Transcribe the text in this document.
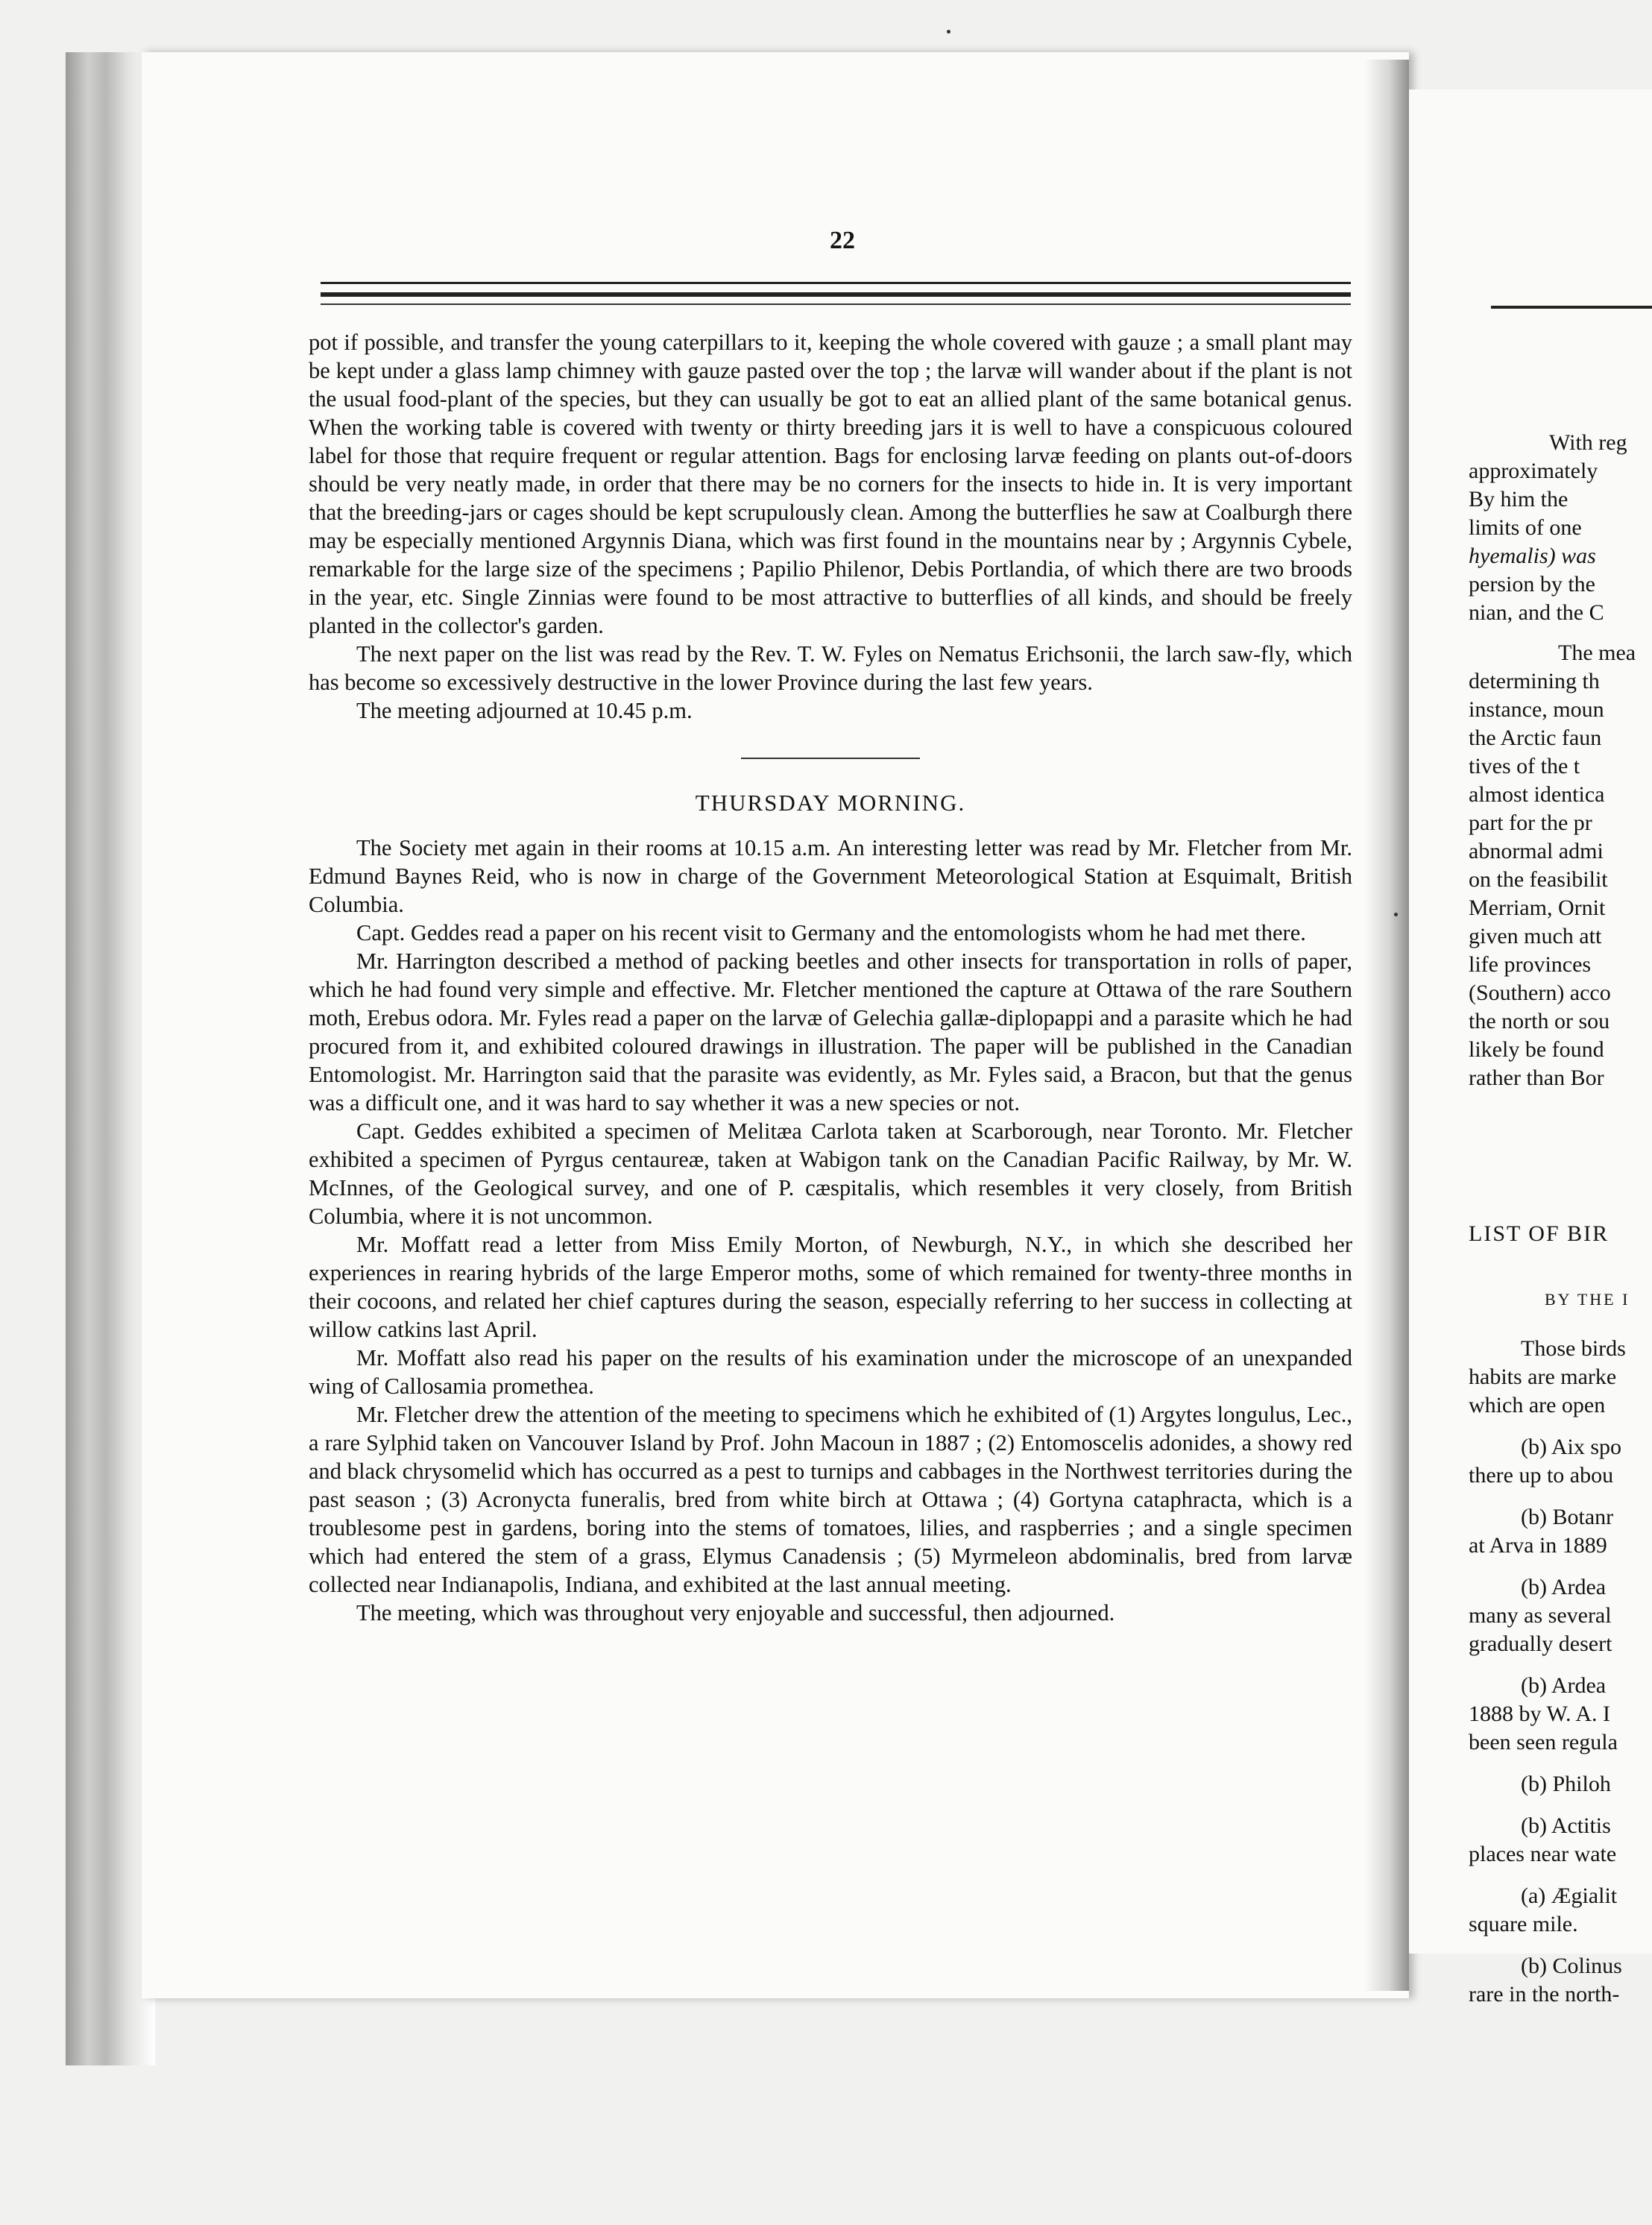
22

pot if possible, and transfer the young caterpillars to it, keeping the whole covered with gauze ; a small plant may be kept under a glass lamp chimney with gauze pasted over the top ; the larvæ will wander about if the plant is not the usual food-plant of the species, but they can usually be got to eat an allied plant of the same botanical genus. When the working table is covered with twenty or thirty breeding jars it is well to have a conspicuous coloured label for those that require frequent or regular attention. Bags for enclosing larvæ feeding on plants out-of-doors should be very neatly made, in order that there may be no corners for the insects to hide in. It is very important that the breeding-jars or cages should be kept scrupulously clean. Among the butterflies he saw at Coalburgh there may be especially mentioned Argynnis Diana, which was first found in the mountains near by ; Argynnis Cybele, remarkable for the large size of the specimens ; Papilio Philenor, Debis Portlandia, of which there are two broods in the year, etc. Single Zinnias were found to be most attractive to butterflies of all kinds, and should be freely planted in the collector's garden.

The next paper on the list was read by the Rev. T. W. Fyles on Nematus Erichsonii, the larch saw-fly, which has become so excessively destructive in the lower Province during the last few years.

The meeting adjourned at 10.45 p.m.

THURSDAY MORNING.

The Society met again in their rooms at 10.15 a.m. An interesting letter was read by Mr. Fletcher from Mr. Edmund Baynes Reid, who is now in charge of the Government Meteorological Station at Esquimalt, British Columbia.

Capt. Geddes read a paper on his recent visit to Germany and the entomologists whom he had met there.

Mr. Harrington described a method of packing beetles and other insects for transportation in rolls of paper, which he had found very simple and effective. Mr. Fletcher mentioned the capture at Ottawa of the rare Southern moth, Erebus odora. Mr. Fyles read a paper on the larvæ of Gelechia gallæ-diplopappi and a parasite which he had procured from it, and exhibited coloured drawings in illustration. The paper will be published in the Canadian Entomologist. Mr. Harrington said that the parasite was evidently, as Mr. Fyles said, a Bracon, but that the genus was a difficult one, and it was hard to say whether it was a new species or not.

Capt. Geddes exhibited a specimen of Melitæa Carlota taken at Scarborough, near Toronto. Mr. Fletcher exhibited a specimen of Pyrgus centaureæ, taken at Wabigon tank on the Canadian Pacific Railway, by Mr. W. McInnes, of the Geological survey, and one of P. cæspitalis, which resembles it very closely, from British Columbia, where it is not uncommon.

Mr. Moffatt read a letter from Miss Emily Morton, of Newburgh, N.Y., in which she described her experiences in rearing hybrids of the large Emperor moths, some of which remained for twenty-three months in their cocoons, and related her chief captures during the season, especially referring to her success in collecting at willow catkins last April.

Mr. Moffatt also read his paper on the results of his examination under the microscope of an unexpanded wing of Callosamia promethea.

Mr. Fletcher drew the attention of the meeting to specimens which he exhibited of (1) Argytes longulus, Lec., a rare Sylphid taken on Vancouver Island by Prof. John Macoun in 1887 ; (2) Entomoscelis adonides, a showy red and black chrysomelid which has occurred as a pest to turnips and cabbages in the Northwest territories during the past season ; (3) Acronycta funeralis, bred from white birch at Ottawa ; (4) Gortyna cataphracta, which is a troublesome pest in gardens, boring into the stems of tomatoes, lilies, and raspberries ; and a single specimen which had entered the stem of a grass, Elymus Canadensis ; (5) Myrmeleon abdominalis, bred from larvæ collected near Indianapolis, Indiana, and exhibited at the last annual meeting.

The meeting, which was throughout very enjoyable and successful, then adjourned.

With reg
approximately
By him the
limits of one
hyemalis) was
persion by the
nian, and the C
The mea
determining th
instance, moun
the Arctic faun
tives of the t
almost identica
part for the pr
abnormal admi
on the feasibilit
Merriam, Ornit
given much att
life provinces
(Southern) acco
the north or sou
likely be found
rather than Bor
LIST OF BIR
BY THE I
Those birds
habits are marke
which are open
(b) Aix spo
there up to abou
(b) Botanr
at Arva in 1889
(b) Ardea
many as several
gradually desert
(b) Ardea
1888 by W. A. I
been seen regula
(b) Philoh
(b) Actitis
places near wate
(a) Ægialit
square mile.
(b) Colinus
rare in the north-
